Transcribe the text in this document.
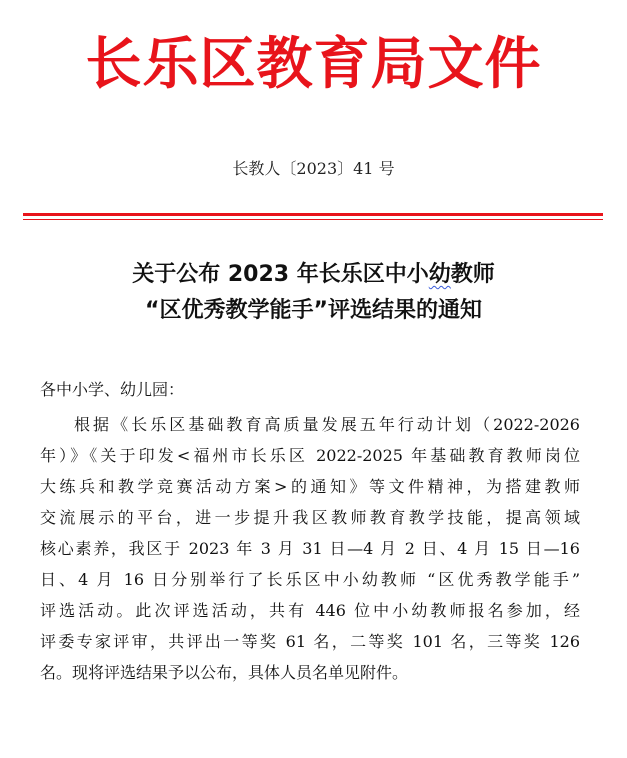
长乐区教育局文件
长教人〔2023〕41 号
关于公布 2023 年长乐区中小幼教师
“区优秀教学能手”评选结果的通知
各中小学、幼儿园：
根据《长乐区基础教育高质量发展五年行动计划（2022-2026
年）》《关于印发<福州市长乐区 2022-2025 年基础教育教师岗位
大练兵和教学竞赛活动方案>的通知》等文件精神，为搭建教师
交流展示的平台，进一步提升我区教师教育教学技能，提高领域
核心素养，我区于 2023 年 3 月 31 日—4 月 2 日、4 月 15 日—16
日、4 月 16 日分别举行了长乐区中小幼教师 “区优秀教学能手”
评选活动。此次评选活动，共有 446 位中小幼教师报名参加，经
评委专家评审，共评出一等奖 61 名，二等奖 101 名，三等奖 126
名。现将评选结果予以公布，具体人员名单见附件。
